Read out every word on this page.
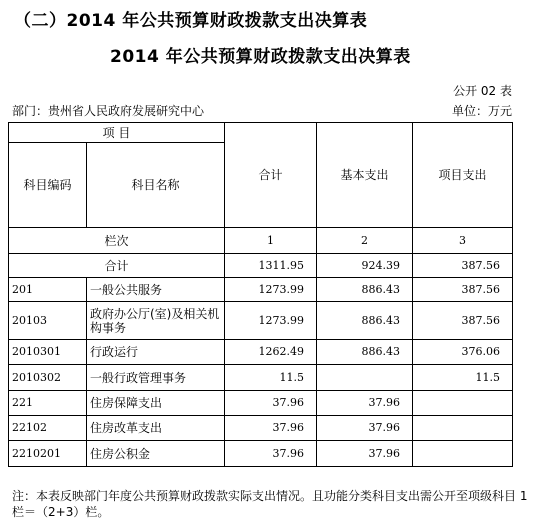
（二）2014 年公共预算财政拨款支出决算表
2014 年公共预算财政拨款支出决算表
公开 02 表
部门：贵州省人民政府发展研究中心	单位：万元
项 目		合计	基本支出	项目支出
科目编码	科目名称			

栏次		1	2	3
合计		1311.95	924.39	387.56
201	一般公共服务	1273.99	886.43	387.56
20103	政府办公厅(室)及相关机构事务	1273.99	886.43	387.56
2010301	行政运行	1262.49	886.43	376.06
2010302	一般行政管理事务	11.5		11.5
221	住房保障支出	37.96	37.96	
22102	住房改革支出	37.96	37.96	
2210201	住房公积金	37.96	37.96	
注：本表反映部门年度公共预算财政拨款实际支出情况。且功能分类科目支出需公开至项级科目 1 栏＝（2+3）栏。
